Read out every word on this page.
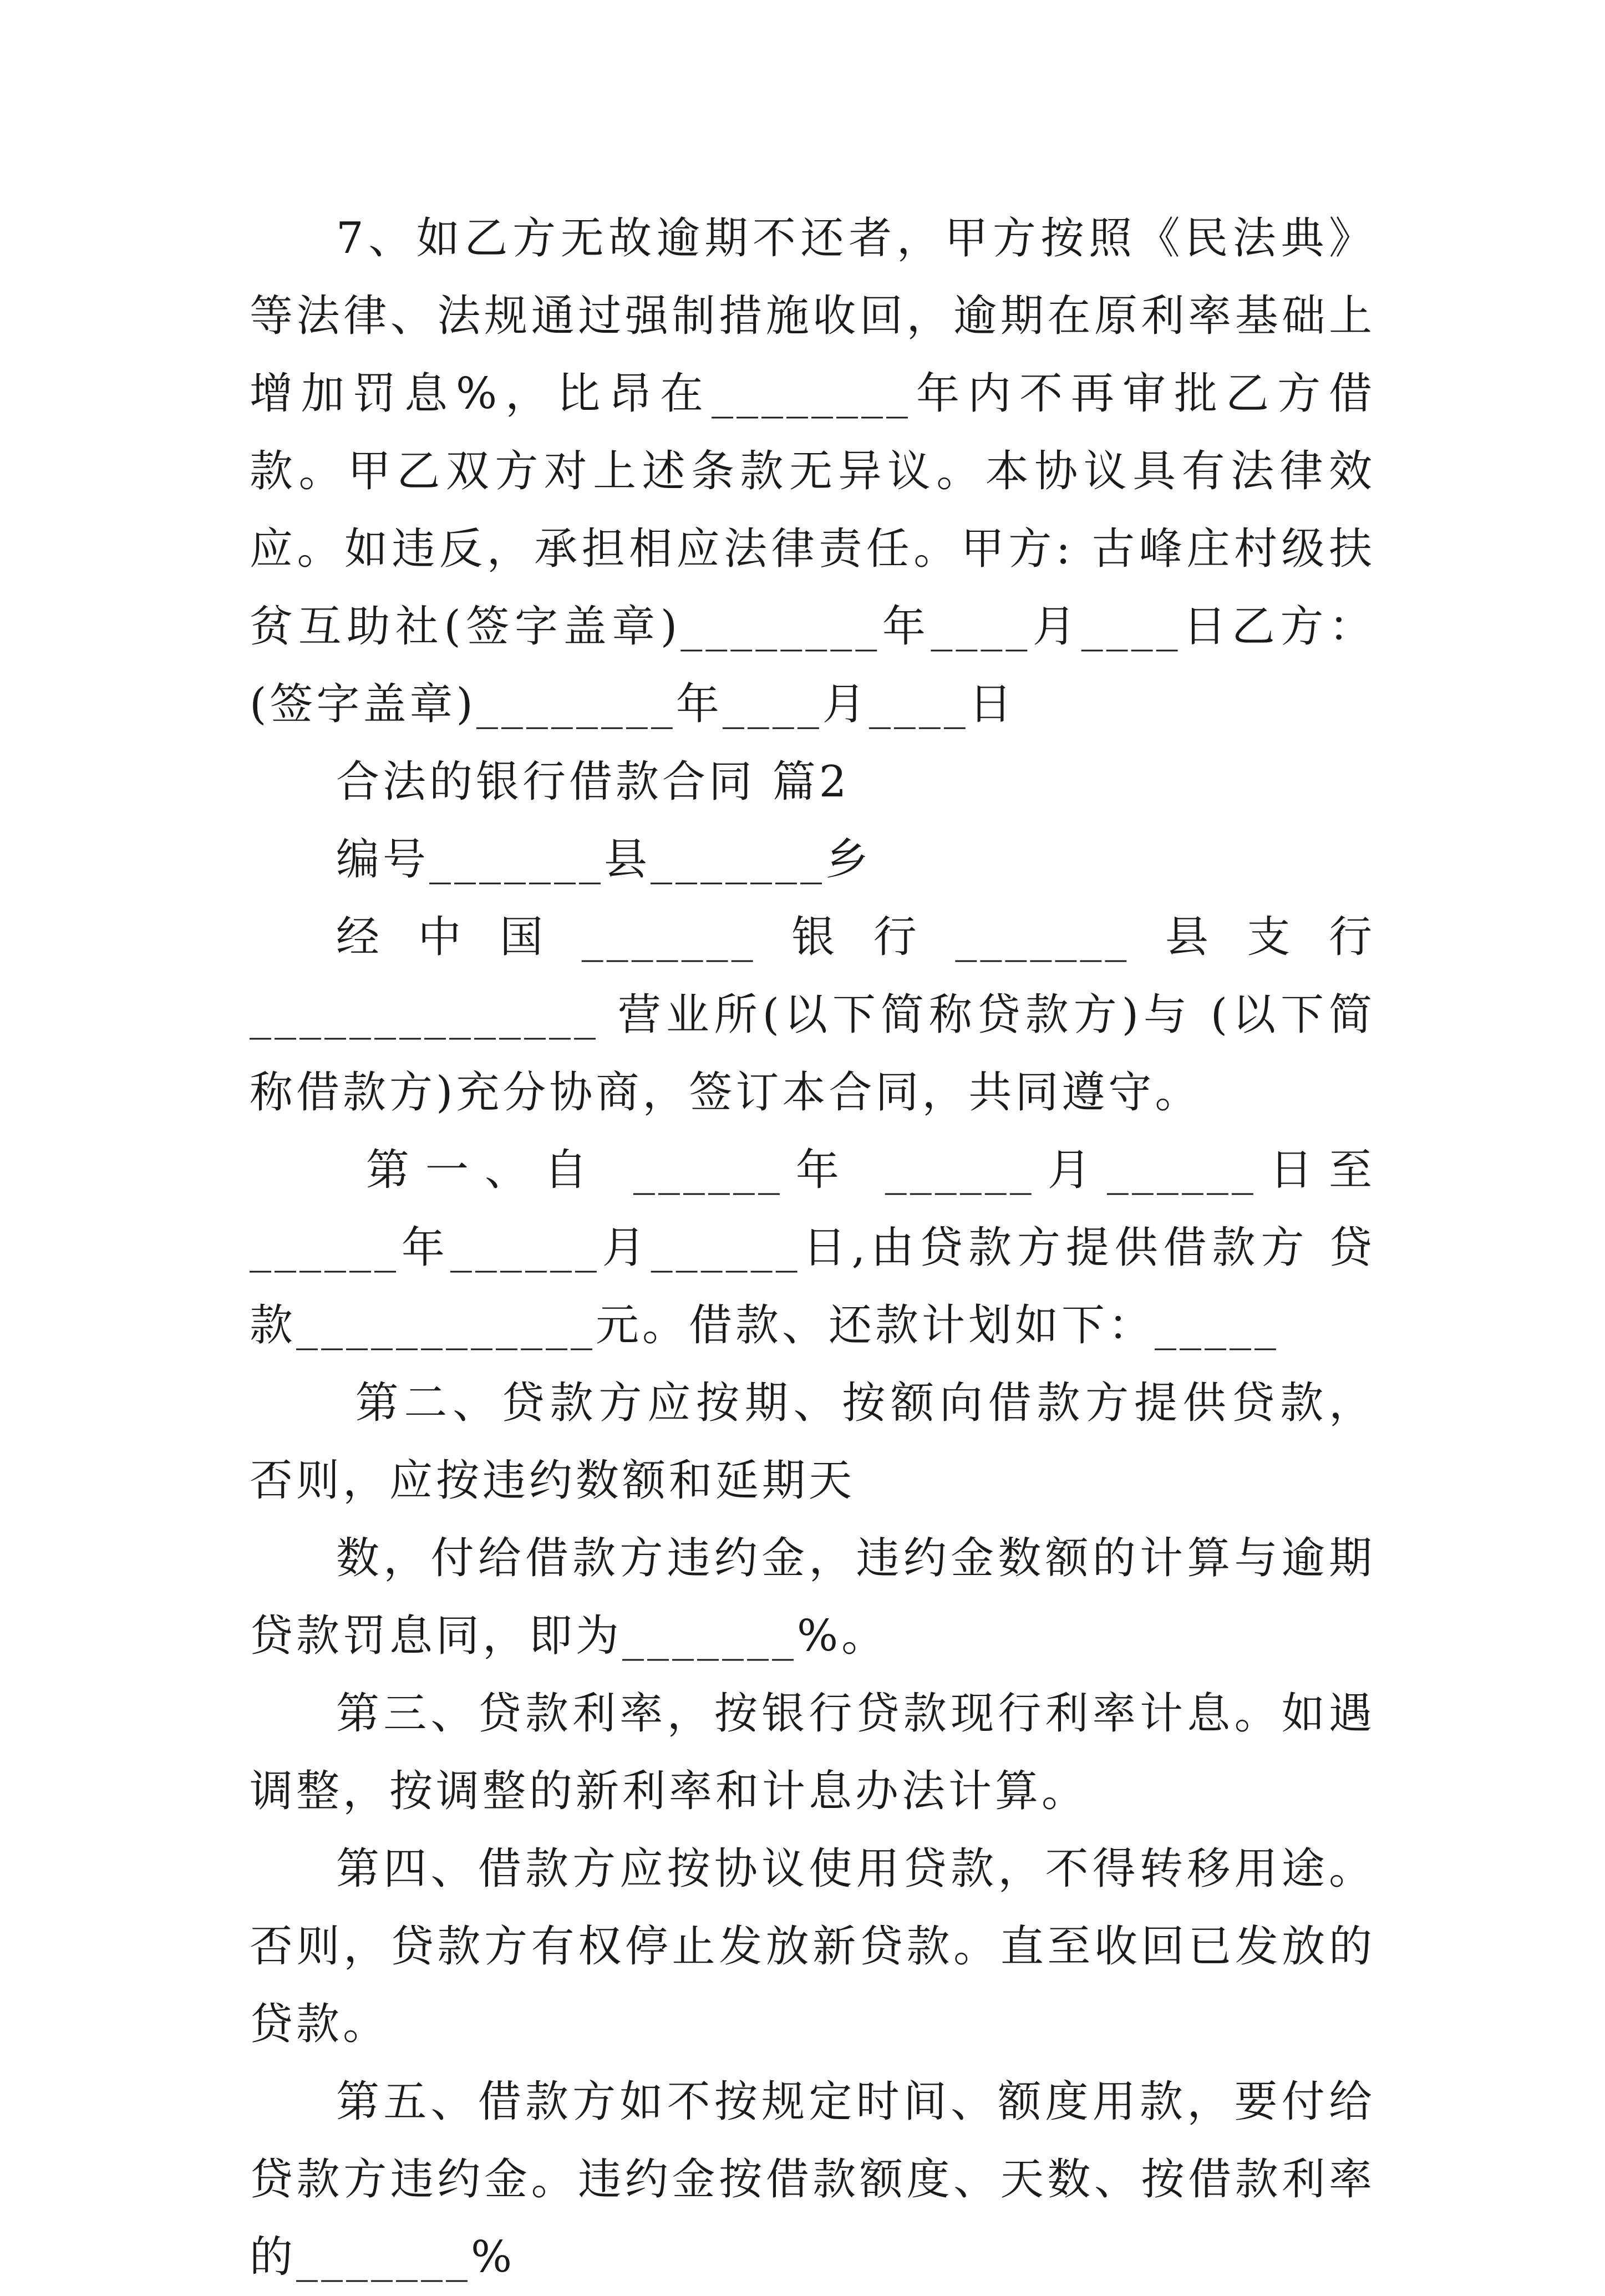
7、如乙方无故逾期不还者，甲方按照《民法典》等法律、法规通过强制措施收回，逾期在原利率基础上增加罚息%，比昂在________年内不再审批乙方借款。甲乙双方对上述条款无异议。本协议具有法律效应。如违反，承担相应法律责任。甲方: 古峰庄村级扶贫互助社(签字盖章)________年____月____日乙方：(签字盖章)________年____月____日

合法的银行借款合同 篇2

编号_______县_______乡

经中国_______银行_______县支行______________ 营业所(以下简称贷款方)与 (以下简称借款方)充分协商，签订本合同，共同遵守。

第一、自 ______年 ______月______日至 ______年______月______日,由贷款方提供借款方 贷款____________元。借款、还款计划如下：_____

第二、贷款方应按期、按额向借款方提供贷款，否则，应按违约数额和延期天

数，付给借款方违约金，违约金数额的计算与逾期贷款罚息同，即为_______%。

第三、贷款利率，按银行贷款现行利率计息。如遇调整，按调整的新利率和计息办法计算。

第四、借款方应按协议使用贷款，不得转移用途。否则，贷款方有权停止发放新贷款。直至收回已发放的贷款。

第五、借款方如不按规定时间、额度用款，要付给贷款方违约金。违约金按借款额度、天数、按借款利率的_______%
